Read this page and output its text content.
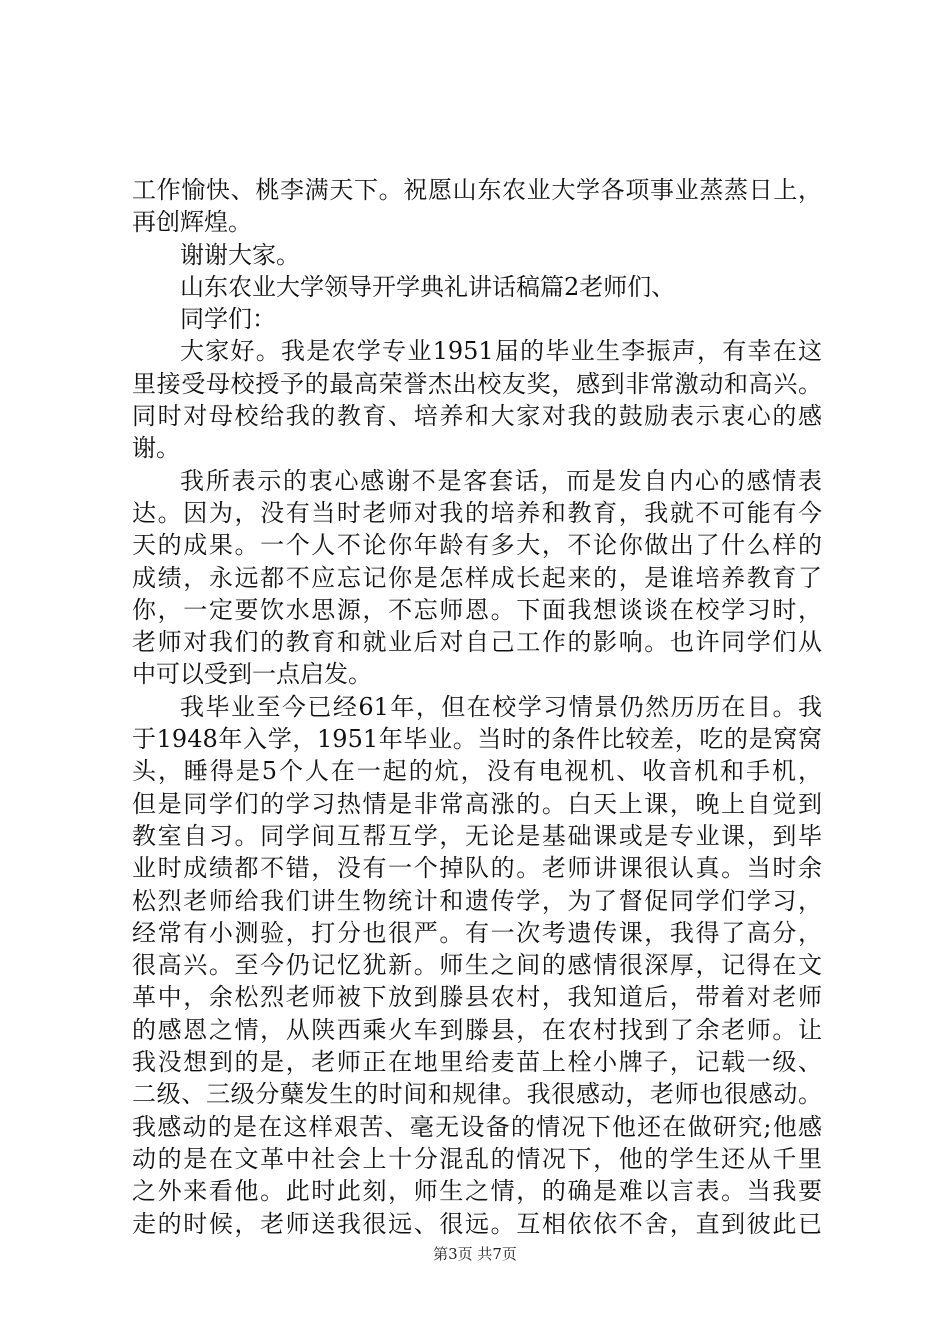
工作愉快、桃李满天下。祝愿山东农业大学各项事业蒸蒸日上，
再创辉煌。
谢谢大家。
山东农业大学领导开学典礼讲话稿篇2老师们、
同学们：
大家好。我是农学专业1951届的毕业生李振声，有幸在这
里接受母校授予的最高荣誉杰出校友奖，感到非常激动和高兴。
同时对母校给我的教育、培养和大家对我的鼓励表示衷心的感
谢。
我所表示的衷心感谢不是客套话，而是发自内心的感情表
达。因为，没有当时老师对我的培养和教育，我就不可能有今
天的成果。一个人不论你年龄有多大，不论你做出了什么样的
成绩，永远都不应忘记你是怎样成长起来的，是谁培养教育了
你，一定要饮水思源，不忘师恩。下面我想谈谈在校学习时，
老师对我们的教育和就业后对自己工作的影响。也许同学们从
中可以受到一点启发。
我毕业至今已经61年，但在校学习情景仍然历历在目。我
于1948年入学，1951年毕业。当时的条件比较差，吃的是窝窝
头，睡得是5个人在一起的炕，没有电视机、收音机和手机，
但是同学们的学习热情是非常高涨的。白天上课，晚上自觉到
教室自习。同学间互帮互学，无论是基础课或是专业课，到毕
业时成绩都不错，没有一个掉队的。老师讲课很认真。当时余
松烈老师给我们讲生物统计和遗传学，为了督促同学们学习，
经常有小测验，打分也很严。有一次考遗传课，我得了高分，
很高兴。至今仍记忆犹新。师生之间的感情很深厚，记得在文
革中，余松烈老师被下放到滕县农村，我知道后，带着对老师
的感恩之情，从陕西乘火车到滕县，在农村找到了余老师。让
我没想到的是，老师正在地里给麦苗上栓小牌子，记载一级、
二级、三级分蘖发生的时间和规律。我很感动，老师也很感动。
我感动的是在这样艰苦、毫无设备的情况下他还在做研究;他感
动的是在文革中社会上十分混乱的情况下，他的学生还从千里
之外来看他。此时此刻，师生之情，的确是难以言表。当我要
走的时候，老师送我很远、很远。互相依依不舍，直到彼此已
第3页 共7页
